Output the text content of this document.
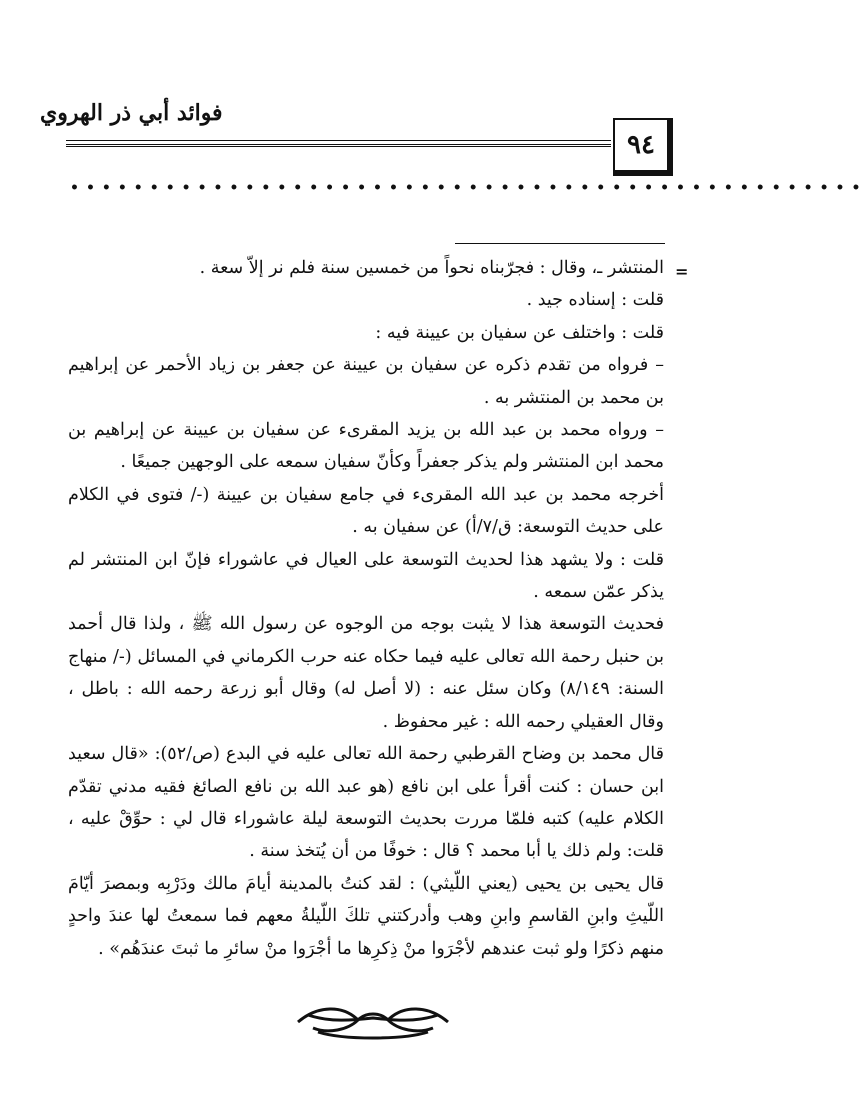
فوائد أبي ذر الهروي
٩٤
••••••••••••••••••••••••••••••••••••••••••••••••••
=

المنتشر ـ، وقال : فجرّبناه نحواً من خمسين سنة فلم نر إلاّ سعة .

قلت : إسناده جيد .

قلت : واختلف عن سفيان بن عيينة فيه :

– فرواه من تقدم ذكره عن سفيان بن عيينة عن جعفر بن زياد الأحمر عن إبراهيم بن محمد بن المنتشر به .

– ورواه محمد بن عبد الله بن يزيد المقرىء عن سفيان بن عيينة عن إبراهيم بن محمد ابن المنتشر ولم يذكر جعفراً وكأنّ سفيان سمعه على الوجهين جميعًا .

أخرجه محمد بن عبد الله المقرىء في جامع سفيان بن عيينة (-/ فتوى في الكلام على حديث التوسعة: ق/٧/أ) عن سفيان به .

قلت : ولا يشهد هذا لحديث التوسعة على العيال في عاشوراء فإنّ ابن المنتشر لم يذكر عمّن سمعه .

فحديث التوسعة هذا لا يثبت بوجه من الوجوه عن رسول الله ﷺ ، ولذا قال أحمد بن حنبل رحمة الله تعالى عليه فيما حكاه عنه حرب الكرماني في المسائل (-/ منهاج السنة: ٨/١٤٩) وكان سئل عنه : (لا أصل له) وقال أبو زرعة رحمه الله : باطل ، وقال العقيلي رحمه الله : غير محفوظ .

قال محمد بن وضاح القرطبي رحمة الله تعالى عليه في البدع (ص/٥٢): «قال سعيد ابن حسان : كنت أقرأ على ابن نافع (هو عبد الله بن نافع الصائغ فقيه مدني تقدّم الكلام عليه) كتبه فلمّا مررت بحديث التوسعة ليلة عاشوراء قال لي : حوِّقْ عليه ، قلت: ولم ذلك يا أبا محمد ؟ قال : خوفًا من أن يُتخذ سنة .

قال يحيى بن يحيى (يعني اللّيثي) : لقد كنتُ بالمدينة أيامَ مالك ودَرْبِه وبمصرَ أيّامَ اللّيثِ وابنِ القاسمِ وابنِ وهب وأدركتني تلكَ اللّيلةُ معهم فما سمعتُ لها عندَ واحدٍ منهم ذكرًا ولو ثبت عندهم لأجْرَوا منْ ذِكرِها ما أجْرَوا منْ سائرِ ما ثبتَ عندَهُم» .
